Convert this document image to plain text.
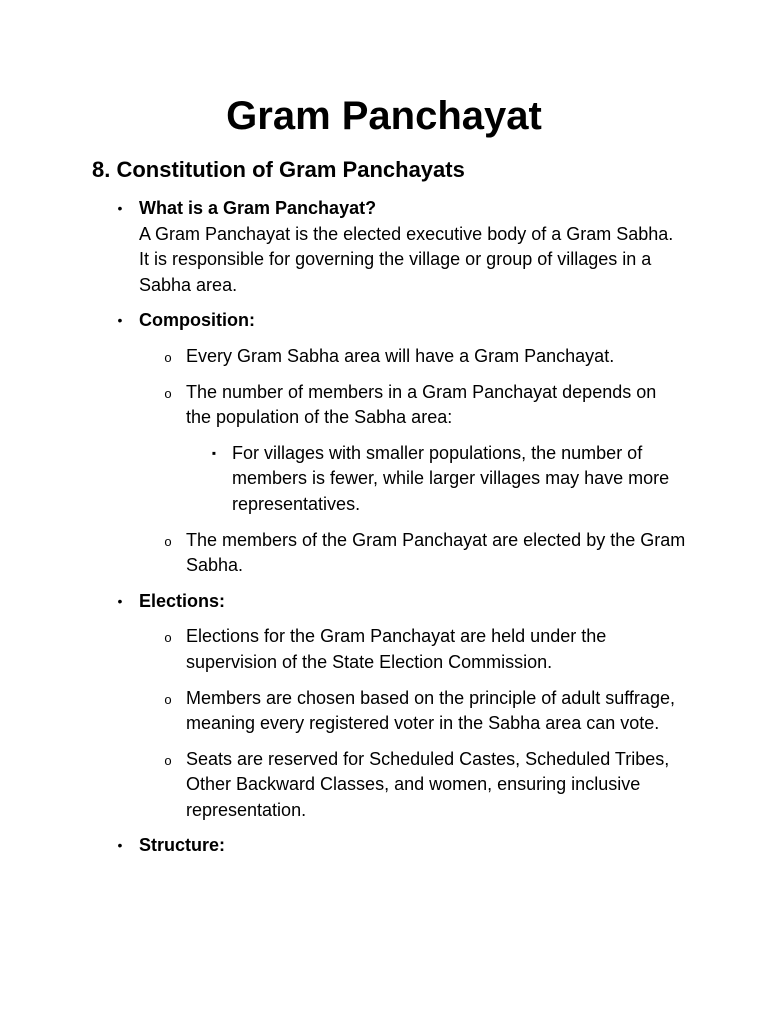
Gram Panchayat
8. Constitution of Gram Panchayats
• What is a Gram Panchayat?
A Gram Panchayat is the elected executive body of a Gram Sabha. It is responsible for governing the village or group of villages in a Sabha area.
• Composition:
o Every Gram Sabha area will have a Gram Panchayat.
o The number of members in a Gram Panchayat depends on the population of the Sabha area:
▪ For villages with smaller populations, the number of members is fewer, while larger villages may have more representatives.
o The members of the Gram Panchayat are elected by the Gram Sabha.
• Elections:
o Elections for the Gram Panchayat are held under the supervision of the State Election Commission.
o Members are chosen based on the principle of adult suffrage, meaning every registered voter in the Sabha area can vote.
o Seats are reserved for Scheduled Castes, Scheduled Tribes, Other Backward Classes, and women, ensuring inclusive representation.
• Structure:
